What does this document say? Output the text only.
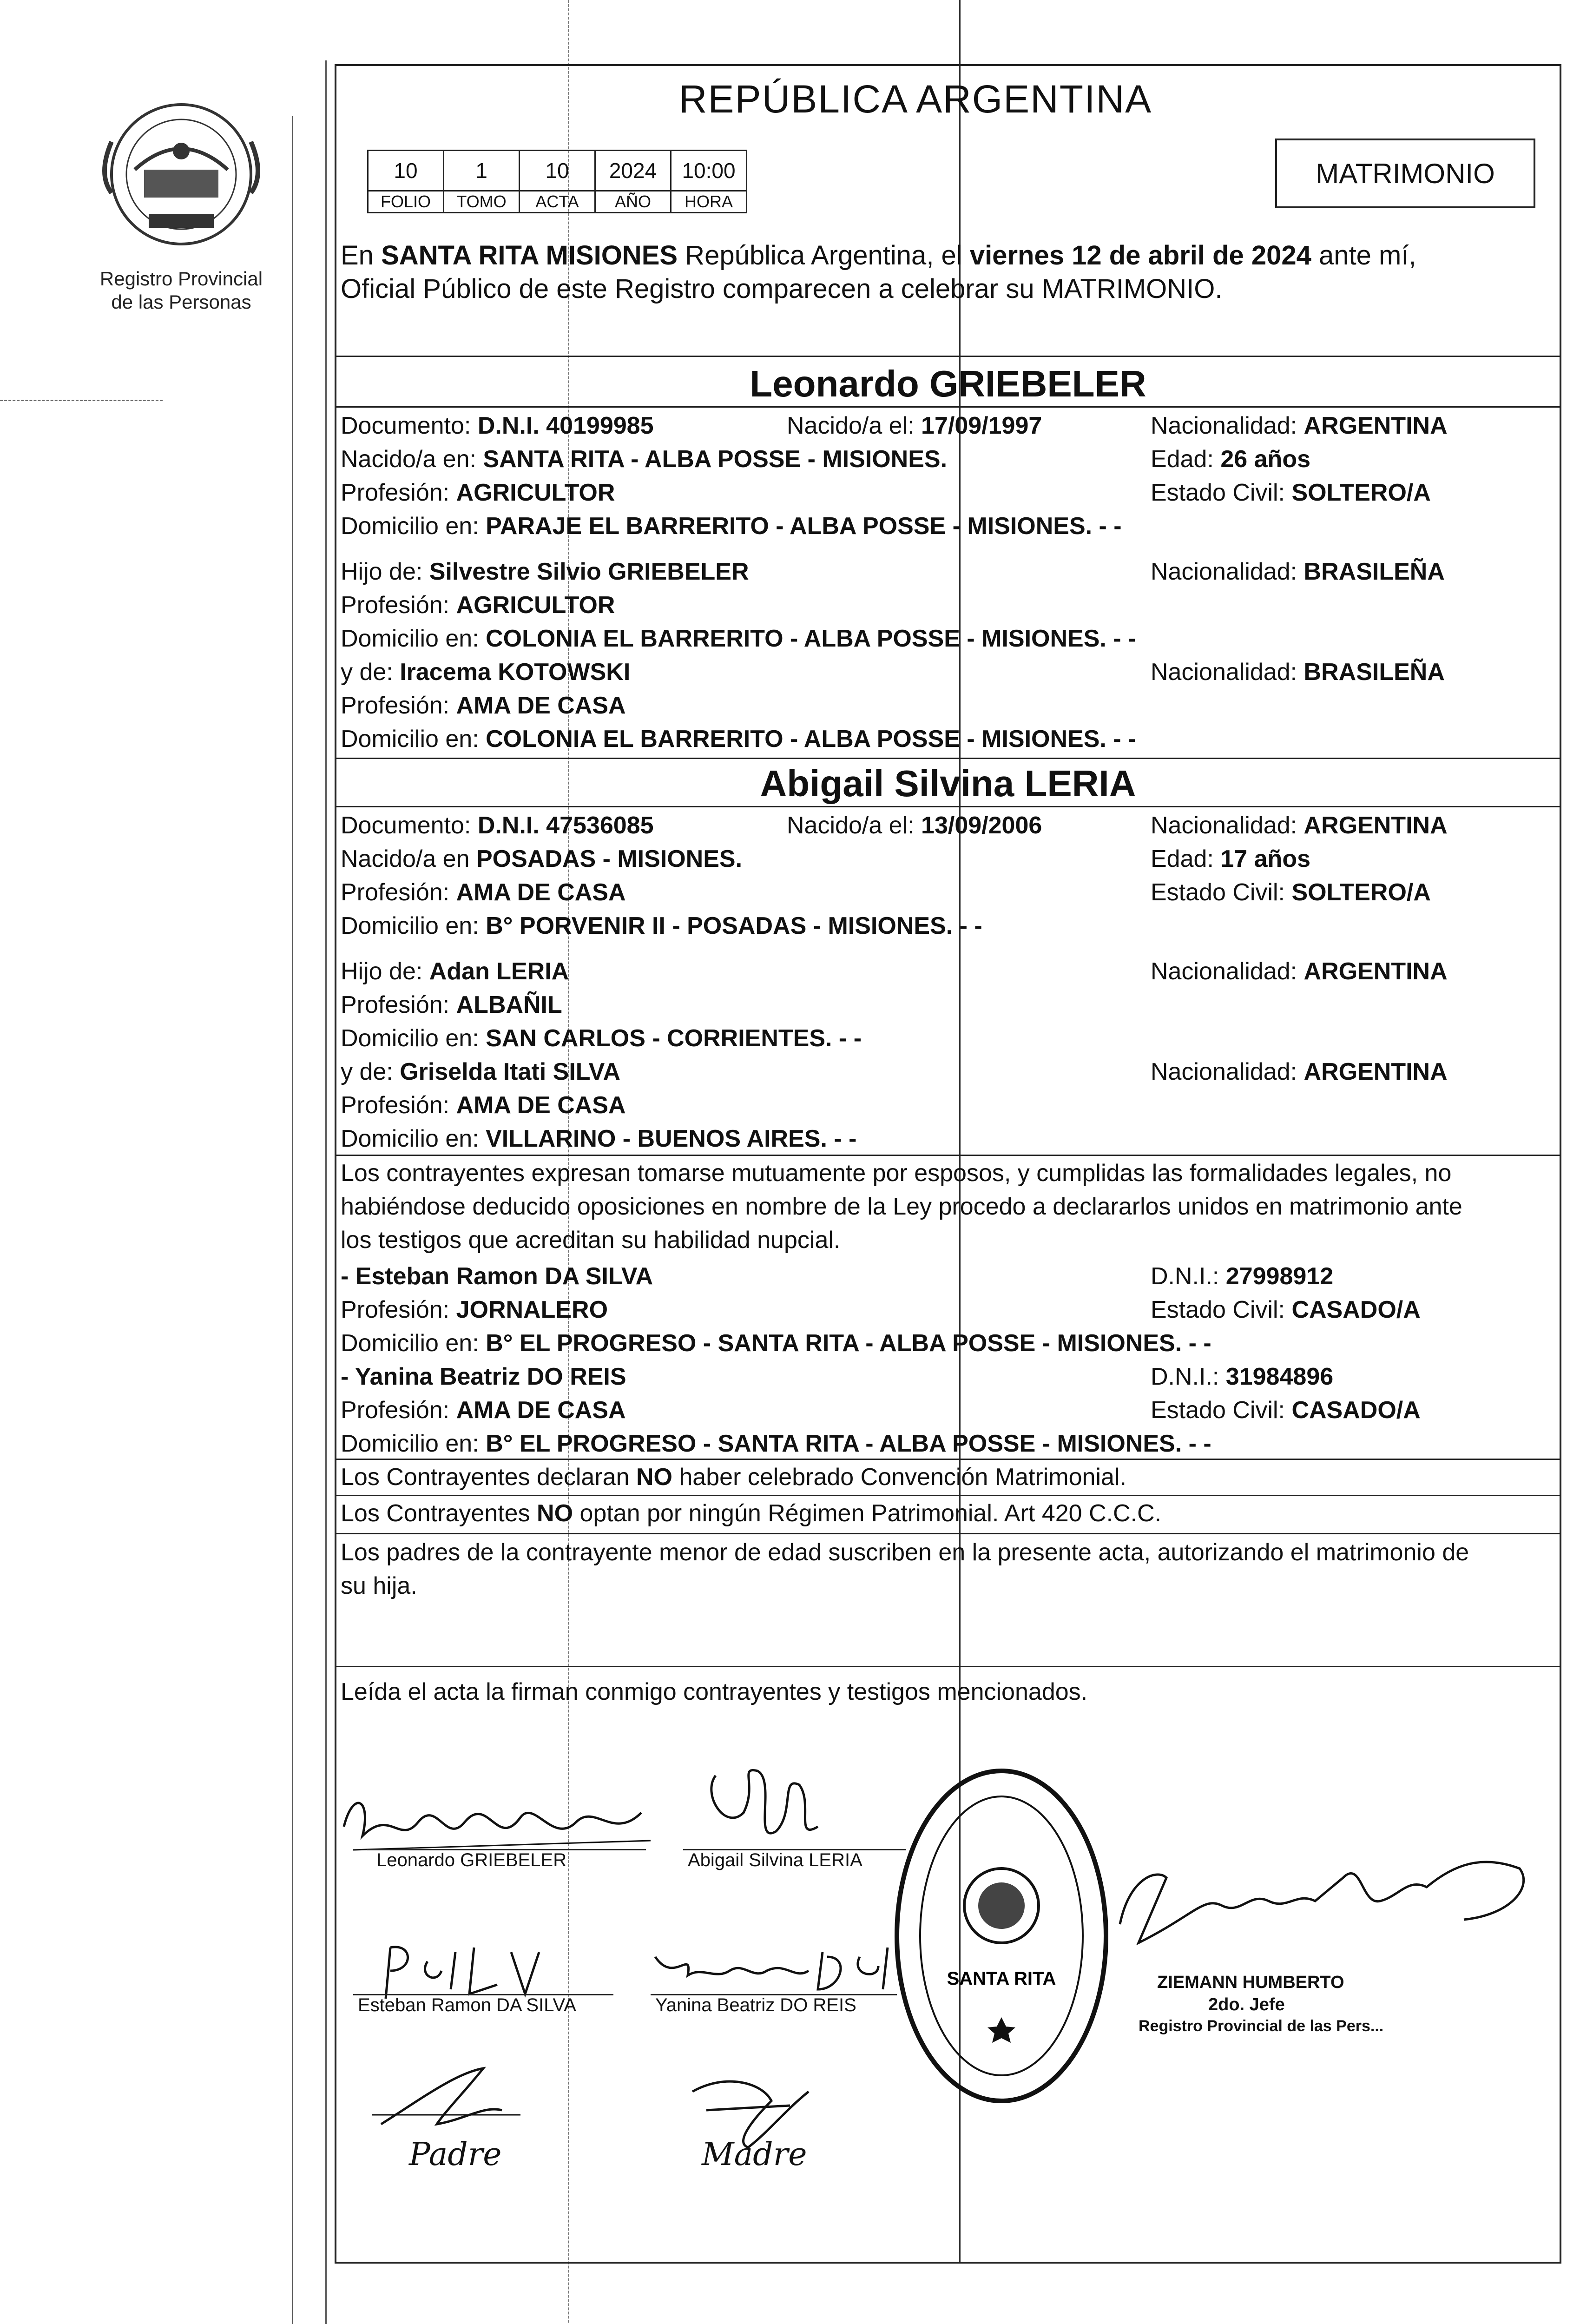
Registro Provincial
de las Personas
REPÚBLICA ARGENTINA
10	1	10	2024	10:00
FOLIO	TOMO	ACTA	AÑO	HORA
MATRIMONIO
En SANTA RITA MISIONES República Argentina, el viernes 12 de abril de 2024 ante mí,
Oficial Público de este Registro comparecen a celebrar su MATRIMONIO.
Leonardo GRIEBELER
Documento: D.N.I. 40199985	Nacido/a el: 17/09/1997	Nacionalidad: ARGENTINA
Nacido/a en: SANTA RITA - ALBA POSSE - MISIONES.	Edad: 26 años
Profesión: AGRICULTOR	Estado Civil: SOLTERO/A
Domicilio en: PARAJE EL BARRERITO - ALBA POSSE - MISIONES. - -
Hijo de: Silvestre Silvio GRIEBELER	Nacionalidad: BRASILEÑA
Profesión: AGRICULTOR
Domicilio en: COLONIA EL BARRERITO - ALBA POSSE - MISIONES. - -
y de: Iracema KOTOWSKI	Nacionalidad: BRASILEÑA
Profesión: AMA DE CASA
Domicilio en: COLONIA EL BARRERITO - ALBA POSSE - MISIONES. - -
Abigail Silvina LERIA
Documento: D.N.I. 47536085	Nacido/a el: 13/09/2006	Nacionalidad: ARGENTINA
Nacido/a en POSADAS - MISIONES.	Edad: 17 años
Profesión: AMA DE CASA	Estado Civil: SOLTERO/A
Domicilio en: B° PORVENIR II - POSADAS - MISIONES. - -
Hijo de: Adan LERIA	Nacionalidad: ARGENTINA
Profesión: ALBAÑIL
Domicilio en: SAN CARLOS - CORRIENTES. - -
y de: Griselda Itati SILVA	Nacionalidad: ARGENTINA
Profesión: AMA DE CASA
Domicilio en: VILLARINO - BUENOS AIRES. - -
Los contrayentes expresan tomarse mutuamente por esposos, y cumplidas las formalidades legales, no
habiéndose deducido oposiciones en nombre de la Ley procedo a declararlos unidos en matrimonio ante
los testigos que acreditan su habilidad nupcial.
- Esteban Ramon DA SILVA	D.N.I.: 27998912
Profesión: JORNALERO	Estado Civil: CASADO/A
Domicilio en: B° EL PROGRESO - SANTA RITA - ALBA POSSE - MISIONES. - -
- Yanina Beatriz DO REIS	D.N.I.: 31984896
Profesión: AMA DE CASA	Estado Civil: CASADO/A
Domicilio en: B° EL PROGRESO - SANTA RITA - ALBA POSSE - MISIONES. - -
Los Contrayentes declaran NO haber celebrado Convención Matrimonial.
Los Contrayentes NO optan por ningún Régimen Patrimonial. Art 420 C.C.C.
Los padres de la contrayente menor de edad suscriben en la presente acta, autorizando el matrimonio de
su hija.
Leída el acta la firman conmigo contrayentes y testigos mencionados.
Leonardo GRIEBELER	Abigail Silvina LERIA
Esteban Ramon DA SILVA	Yanina Beatriz DO REIS
Padre	Madre
SANTA RITA	ZIEMANN HUMBERTO
2do. Jefe
Registro Provincial de las Pers...
